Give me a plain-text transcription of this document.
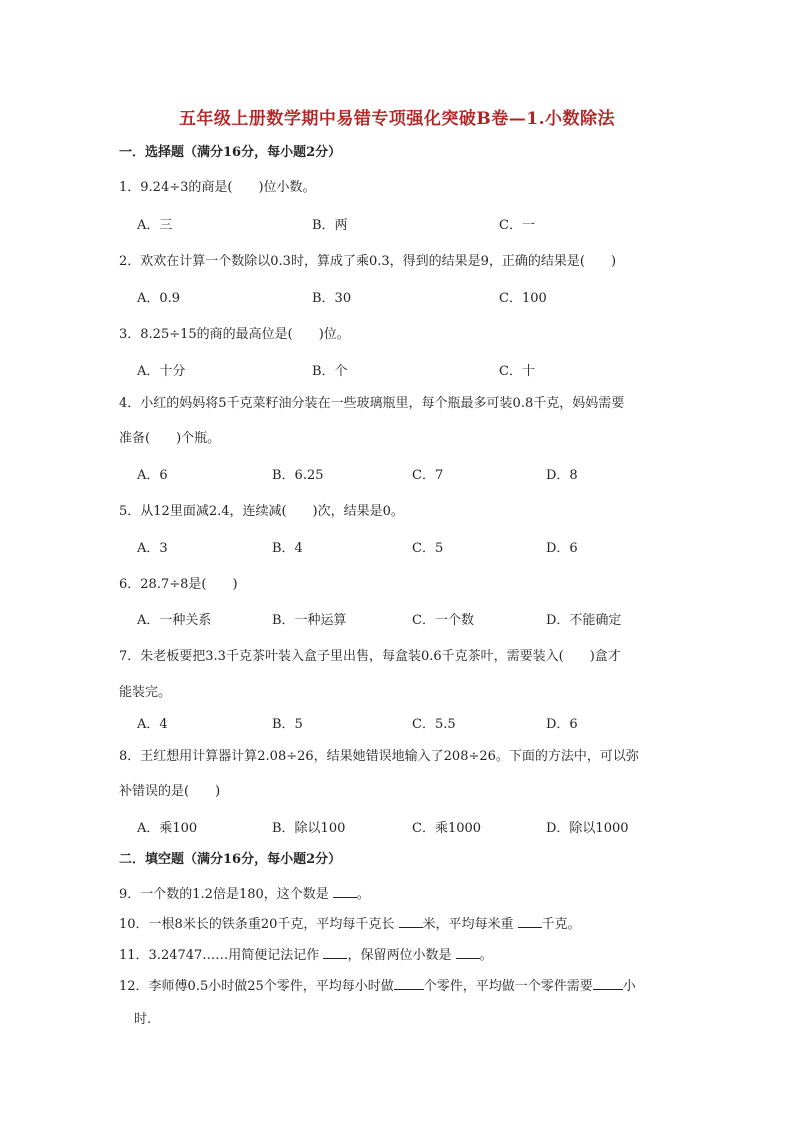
五年级上册数学期中易错专项强化突破B卷—1.小数除法
一．选择题（满分16分，每小题2分）
1．9.24÷3的商是(　　)位小数。
A．三	B．两	C．一
2．欢欢在计算一个数除以0.3时，算成了乘0.3，得到的结果是9，正确的结果是(　　)
A．0.9	B．30	C．100
3．8.25÷15的商的最高位是(　　)位。
A．十分	B．个	C．十
4．小红的妈妈将5千克菜籽油分装在一些玻璃瓶里，每个瓶最多可装0.8千克，妈妈需要
准备(　　)个瓶。
A．6	B．6.25	C．7	D．8
5．从12里面减2.4，连续减(　　)次，结果是0。
A．3	B．4	C．5	D．6
6．28.7÷8是(　　)
A．一种关系	B．一种运算	C．一个数	D．不能确定
7．朱老板要把3.3千克茶叶装入盒子里出售，每盒装0.6千克茶叶，需要装入(　　)盒才
能装完。
A．4	B．5	C．5.5	D．6
8．王红想用计算器计算2.08÷26，结果她错误地输入了208÷26。下面的方法中，可以弥
补错误的是(　　)
A．乘100	B．除以100	C．乘1000	D．除以1000
二．填空题（满分16分，每小题2分）
9．一个数的1.2倍是180，这个数是 。
10．一根8米长的铁条重20千克，平均每千克长 米，平均每米重 千克。
11．3.24747……用简便记法记作 ，保留两位小数是 。
12．李师傅0.5小时做25个零件，平均每小时做 个零件，平均做一个零件需要 小
时.
